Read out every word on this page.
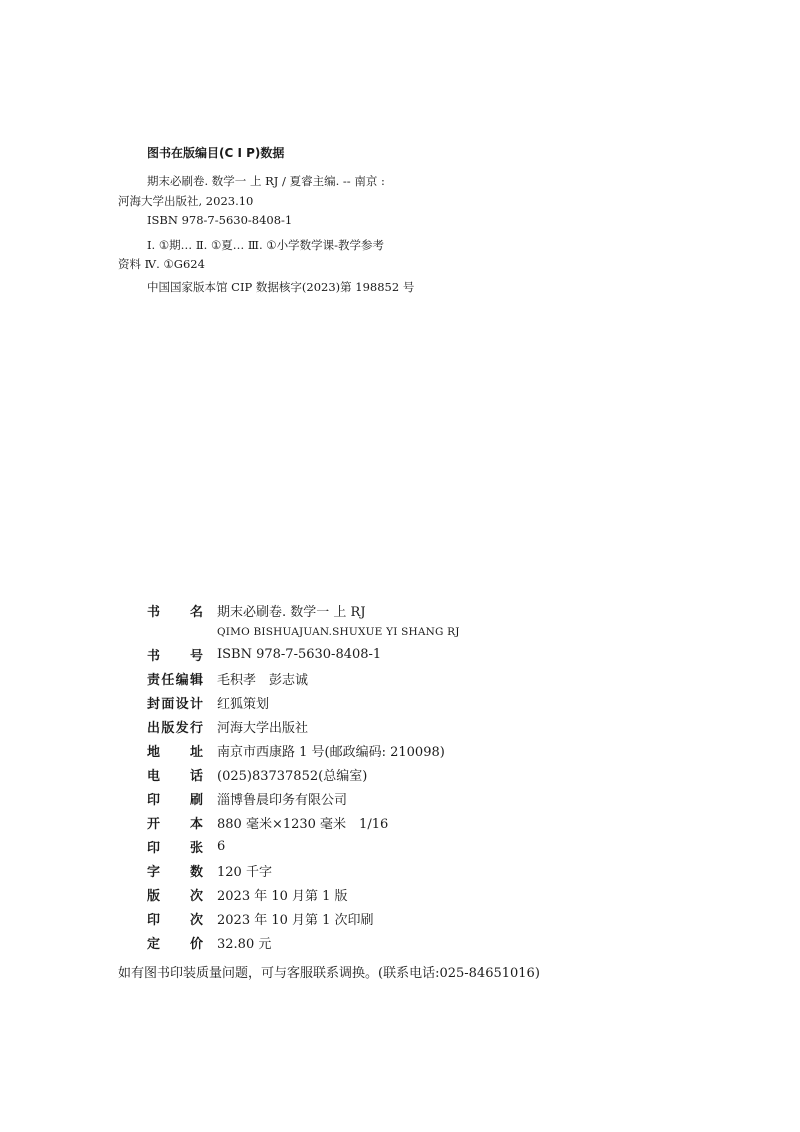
图书在版编目(C I P)数据

期末必刷卷. 数学一 上 RJ / 夏睿主编. -- 南京 :

河海大学出版社, 2023.10

ISBN 978-7-5630-8408-1

Ⅰ. ①期… Ⅱ. ①夏… Ⅲ. ①小学数学课-教学参考

资料 Ⅳ. ①G624

中国国家版本馆 CIP 数据核字(2023)第 198852 号

书名 期末必刷卷. 数学一 上 RJ
QIMO BISHUAJUAN.SHUXUE YI SHANG RJ
书号 ISBN 978-7-5630-8408-1
责任编辑 毛积孝　彭志诚
封面设计 红狐策划
出版发行 河海大学出版社
地址 南京市西康路 1 号(邮政编码: 210098)
电话 (025)83737852(总编室)
印刷 淄博鲁晨印务有限公司
开本 880 毫米×1230 毫米　1/16
印张 6
字数 120 千字
版次 2023 年 10 月第 1 版
印次 2023 年 10 月第 1 次印刷
定价 32.80 元

如有图书印装质量问题，可与客服联系调换。(联系电话:025-84651016)
